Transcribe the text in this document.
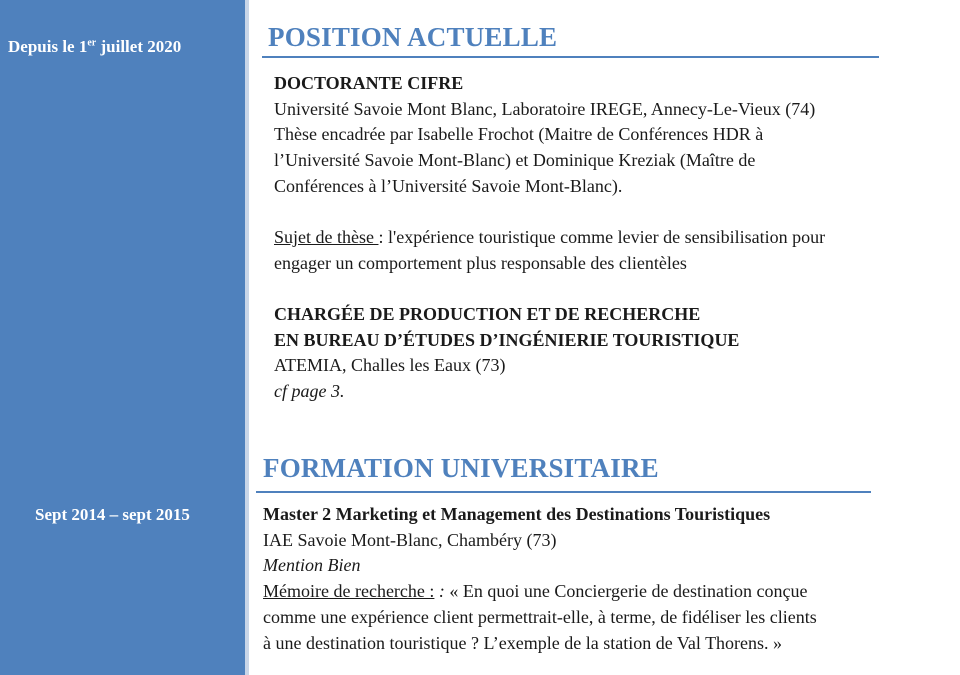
Depuis le 1er juillet 2020
Sept 2014 – sept 2015
POSITION ACTUELLE
DOCTORANTE CIFRE
Université Savoie Mont Blanc, Laboratoire IREGE, Annecy-Le-Vieux (74)
Thèse encadrée par Isabelle Frochot (Maitre de Conférences HDR à
l’Université Savoie Mont-Blanc) et Dominique Kreziak (Maître de
Conférences à l’Université Savoie Mont-Blanc).
Sujet de thèse : l'expérience touristique comme levier de sensibilisation pour
engager un comportement plus responsable des clientèles
CHARGÉE DE PRODUCTION ET DE RECHERCHE
EN BUREAU D’ÉTUDES D’INGÉNIERIE TOURISTIQUE
ATEMIA, Challes les Eaux (73)
cf page 3.
FORMATION UNIVERSITAIRE
Master 2 Marketing et Management des Destinations Touristiques
IAE Savoie Mont-Blanc, Chambéry (73)
Mention Bien
Mémoire de recherche : : « En quoi une Conciergerie de destination conçue
comme une expérience client permettrait-elle, à terme, de fidéliser les clients
à une destination touristique ? L’exemple de la station de Val Thorens. »
